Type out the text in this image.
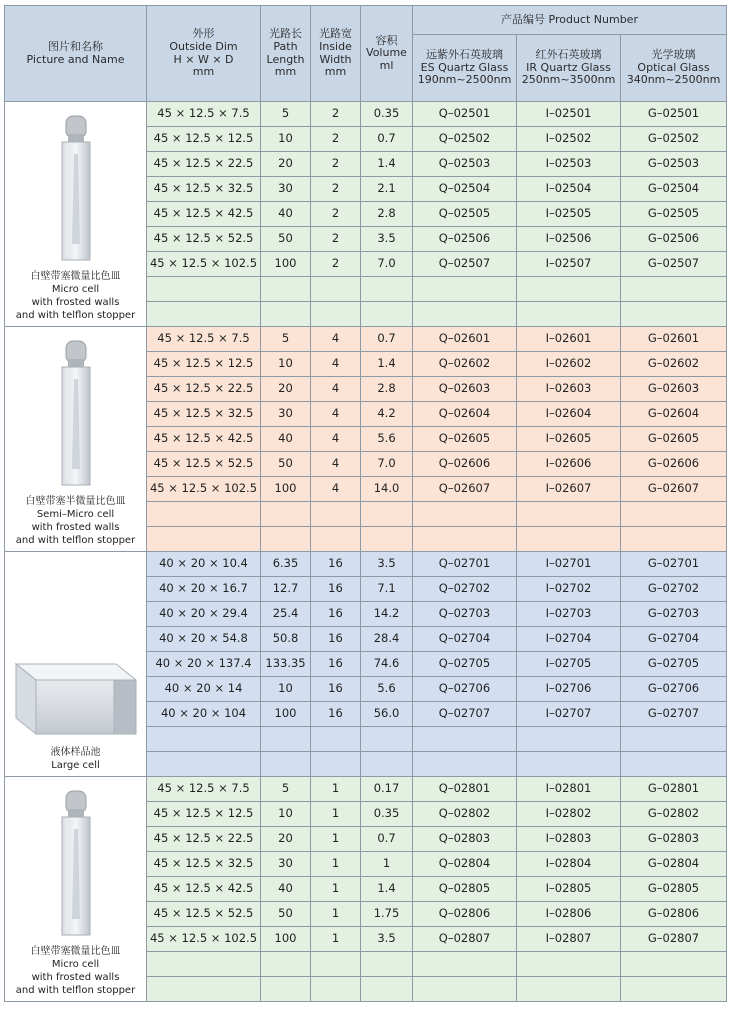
图片和名称
Picture and Name	外形
Outside Dim
H × W × D
mm	光路长
Path
Length
mm	光路宽
Inside
Width
mm	容积
Volume
ml	产品编号 Product Number		

					远紫外石英玻璃
ES Quartz Glass
190nm~2500nm	红外石英玻璃
IR Quartz Glass
250nm~3500nm	光学玻璃
Optical Glass
340nm~2500nm

白壁带塞微量比色皿
Micro cell
with frosted walls
and with telflon stopper	45 × 12.5 × 7.5	5	2	0.35	Q–02501	I–02501	G–02501
	45 × 12.5 × 12.5	10	2	0.7	Q–02502	I–02502	G–02502
	45 × 12.5 × 22.5	20	2	1.4	Q–02503	I–02503	G–02503
	45 × 12.5 × 32.5	30	2	2.1	Q–02504	I–02504	G–02504
	45 × 12.5 × 42.5	40	2	2.8	Q–02505	I–02505	G–02505
	45 × 12.5 × 52.5	50	2	3.5	Q–02506	I–02506	G–02506
	45 × 12.5 × 102.5	100	2	7.0	Q–02507	I–02507	G–02507

白壁带塞半微量比色皿
Semi–Micro cell
with frosted walls
and with telflon stopper	45 × 12.5 × 7.5	5	4	0.7	Q–02601	I–02601	G–02601
	45 × 12.5 × 12.5	10	4	1.4	Q–02602	I–02602	G–02602
	45 × 12.5 × 22.5	20	4	2.8	Q–02603	I–02603	G–02603
	45 × 12.5 × 32.5	30	4	4.2	Q–02604	I–02604	G–02604
	45 × 12.5 × 42.5	40	4	5.6	Q–02605	I–02605	G–02605
	45 × 12.5 × 52.5	50	4	7.0	Q–02606	I–02606	G–02606
	45 × 12.5 × 102.5	100	4	14.0	Q–02607	I–02607	G–02607

液体样品池
Large cell	40 × 20 × 10.4	6.35	16	3.5	Q–02701	I–02701	G–02701
	40 × 20 × 16.7	12.7	16	7.1	Q–02702	I–02702	G–02702
	40 × 20 × 29.4	25.4	16	14.2	Q–02703	I–02703	G–02703
	40 × 20 × 54.8	50.8	16	28.4	Q–02704	I–02704	G–02704
	40 × 20 × 137.4	133.35	16	74.6	Q–02705	I–02705	G–02705
	40 × 20 × 14	10	16	5.6	Q–02706	I–02706	G–02706
	40 × 20 × 104	100	16	56.0	Q–02707	I–02707	G–02707

白壁带塞微量比色皿
Micro cell
with frosted walls
and with telflon stopper	45 × 12.5 × 7.5	5	1	0.17	Q–02801	I–02801	G–02801
	45 × 12.5 × 12.5	10	1	0.35	Q–02802	I–02802	G–02802
	45 × 12.5 × 22.5	20	1	0.7	Q–02803	I–02803	G–02803
	45 × 12.5 × 32.5	30	1	1	Q–02804	I–02804	G–02804
	45 × 12.5 × 42.5	40	1	1.4	Q–02805	I–02805	G–02805
	45 × 12.5 × 52.5	50	1	1.75	Q–02806	I–02806	G–02806
	45 × 12.5 × 102.5	100	1	3.5	Q–02807	I–02807	G–02807
